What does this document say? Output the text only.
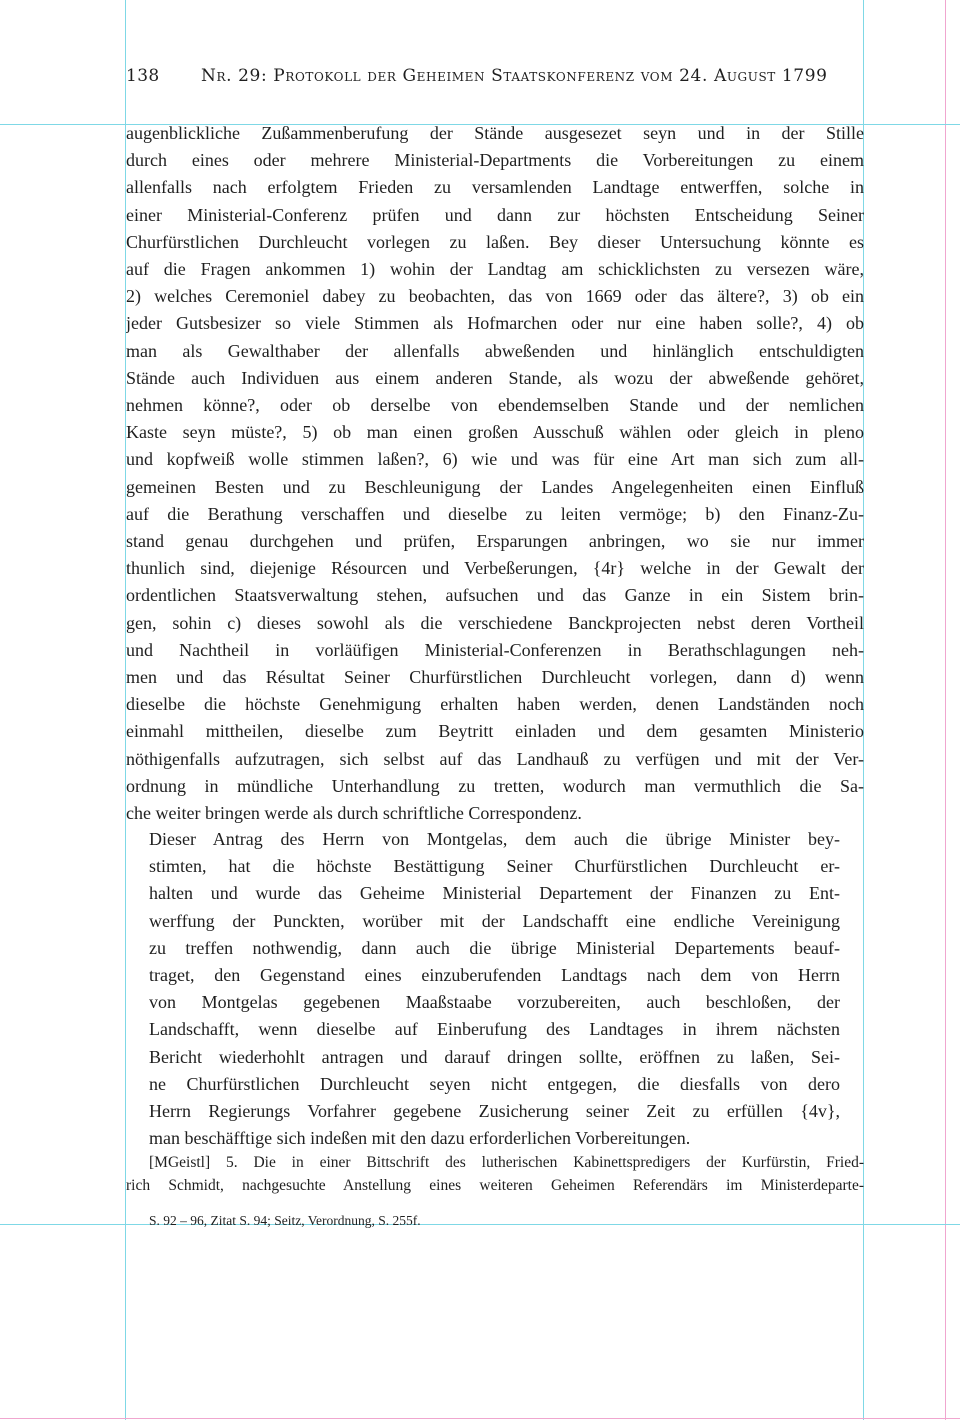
138 Nr. 29: Protokoll der Geheimen Staatskonferenz vom 24. August 1799
augenblickliche Zußammenberufung der Stände ausgesezet seyn und in der Stille
durch eines oder mehrere Ministerial-Departments die Vorbereitungen zu einem
allenfalls nach erfolgtem Frieden zu versamlenden Landtage entwerffen, solche in
einer Ministerial-Conferenz prüfen und dann zur höchsten Entscheidung Seiner
Churfürstlichen Durchleucht vorlegen zu laßen. Bey dieser Untersuchung könnte es
auf die Fragen ankommen 1) wohin der Landtag am schicklichsten zu versezen wäre,
2) welches Ceremoniel dabey zu beobachten, das von 1669 oder das ältere?, 3) ob ein
jeder Gutsbesizer so viele Stimmen als Hofmarchen oder nur eine haben solle?, 4) ob
man als Gewalthaber der allenfalls abweßenden und hinlänglich entschuldigten
Stände auch Individuen aus einem anderen Stande, als wozu der abweßende gehöret,
nehmen könne?, oder ob derselbe von ebendemselben Stande und der nemlichen
Kaste seyn müste?, 5) ob man einen großen Ausschuß wählen oder gleich in pleno
und kopfweiß wolle stimmen laßen?, 6) wie und was für eine Art man sich zum all-
gemeinen Besten und zu Beschleunigung der Landes Angelegenheiten einen Einfluß
auf die Berathung verschaffen und dieselbe zu leiten vermöge; b) den Finanz-Zu-
stand genau durchgehen und prüfen, Ersparungen anbringen, wo sie nur immer
thunlich sind, diejenige Résourcen und Verbeßerungen, {4r} welche in der Gewalt der
ordentlichen Staatsverwaltung stehen, aufsuchen und das Ganze in ein Sistem brin-
gen, sohin c) dieses sowohl als die verschiedene Banckprojecten nebst deren Vortheil
und Nachtheil in vorläüfigen Ministerial-Conferenzen in Berathschlagungen neh-
men und das Résultat Seiner Churfürstlichen Durchleucht vorlegen, dann d) wenn
dieselbe die höchste Genehmigung erhalten haben werden, denen Landständen noch
einmahl mittheilen, dieselbe zum Beytritt einladen und dem gesamten Ministerio
nöthigenfalls aufzutragen, sich selbst auf das Landhauß zu verfügen und mit der Ver-
ordnung in mündliche Unterhandlung zu tretten, wodurch man vermuthlich die Sa-
che weiter bringen werde als durch schriftliche Correspondenz.
Dieser Antrag des Herrn von Montgelas, dem auch die übrige Minister bey-
stimten, hat die höchste Bestättigung Seiner Churfürstlichen Durchleucht er-
halten und wurde das Geheime Ministerial Departement der Finanzen zu Ent-
werffung der Punckten, worüber mit der Landschafft eine endliche Vereinigung
zu treffen nothwendig, dann auch die übrige Ministerial Departements beauf-
traget, den Gegenstand eines einzuberufenden Landtags nach dem von Herrn
von Montgelas gegebenen Maaßstaabe vorzubereiten, auch beschloßen, der
Landschafft, wenn dieselbe auf Einberufung des Landtages in ihrem nächsten
Bericht wiederhohlt antragen und darauf dringen sollte, eröffnen zu laßen, Sei-
ne Churfürstlichen Durchleucht seyen nicht entgegen, die diesfalls von dero
Herrn Regierungs Vorfahrer gegebene Zusicherung seiner Zeit zu erfüllen {4v},
man beschäfftige sich indeßen mit den dazu erforderlichen Vorbereitungen.
[MGeistl] 5. Die in einer Bittschrift des lutherischen Kabinettspredigers der Kurfürstin, Fried-
rich Schmidt, nachgesuchte Anstellung eines weiteren Geheimen Referendärs im Ministerdeparte-
S. 92 – 96, Zitat S. 94; Seitz, Verordnung, S. 255f.
